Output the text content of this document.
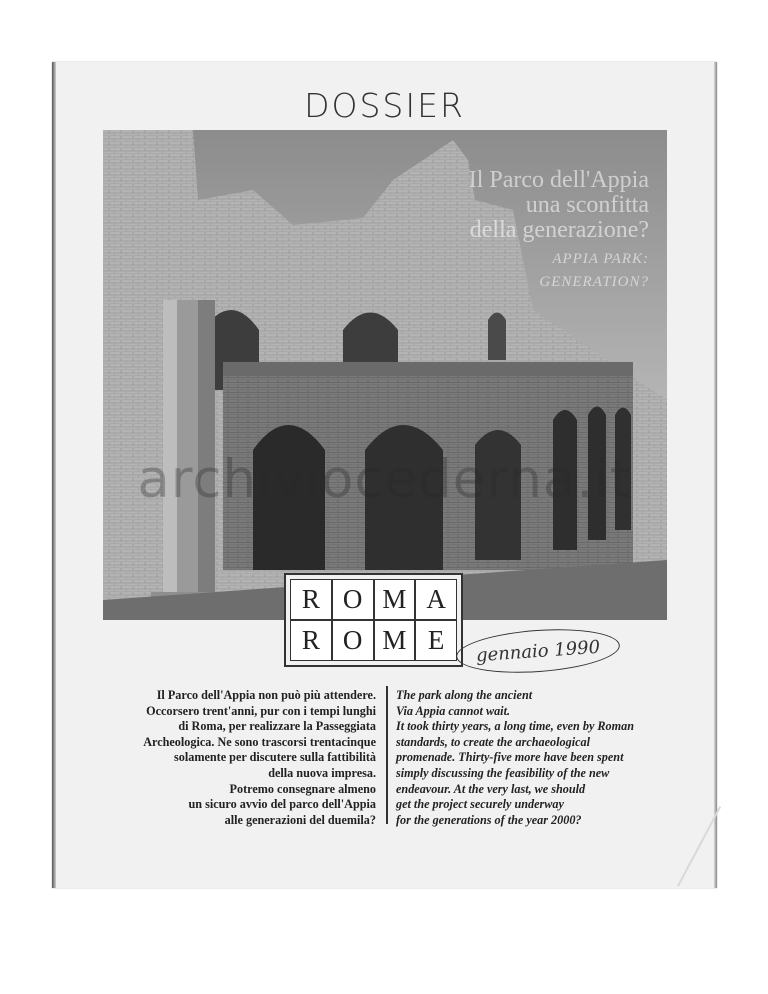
DOSSIER
Il Parco dell'Appia
una sconfitta
della generazione?
APPIA PARK:
GENERATION?
archiviocederna.it
R O M A
R O M E	gennaio 1990
Il Parco dell'Appia non può più attendere.
Occorsero trent'anni, pur con i tempi lunghi
di Roma, per realizzare la Passeggiata
Archeologica. Ne sono trascorsi trentacinque
solamente per discutere sulla fattibilità
della nuova impresa.
Potremo consegnare almeno
un sicuro avvio del parco dell'Appia
alle generazioni del duemila?
The park along the ancient
Via Appia cannot wait.
It took thirty years, a long time, even by Roman
standards, to create the archaeological
promenade. Thirty-five more have been spent
simply discussing the feasibility of the new
endeavour. At the very last, we should
get the project securely underway
for the generations of the year 2000?
